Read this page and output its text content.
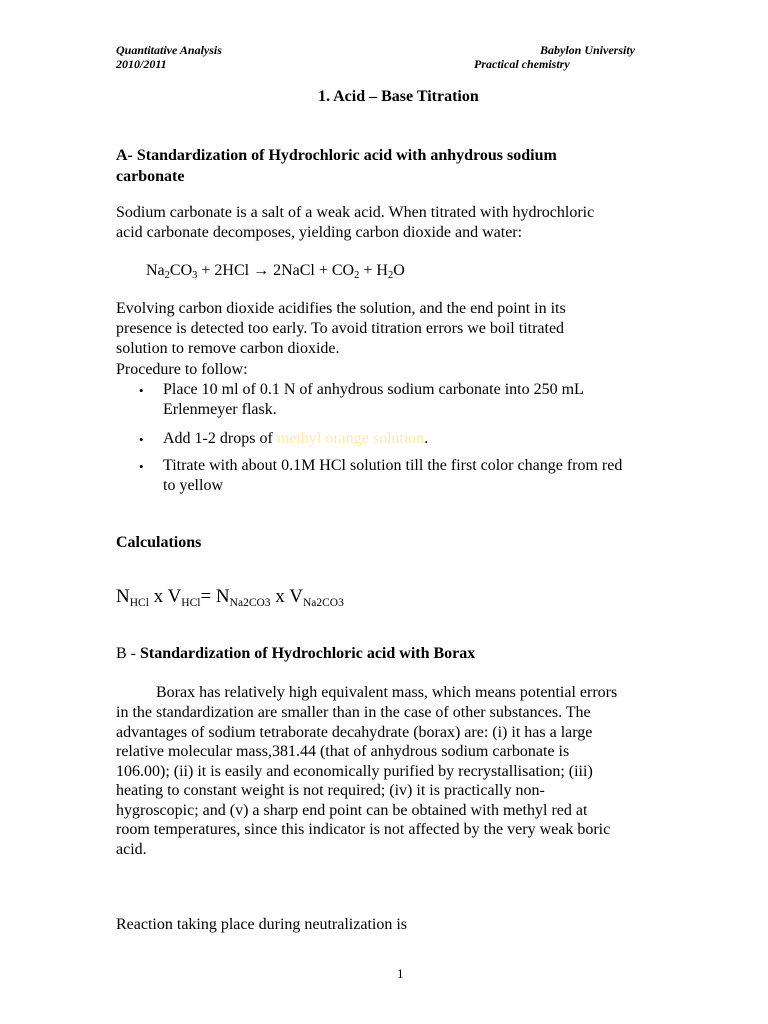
Quantitative Analysis
2010/2011
Babylon University
Practical chemistry
1. Acid – Base Titration
A- Standardization of Hydrochloric acid with anhydrous sodium
carbonate
Sodium carbonate is a salt of a weak acid. When titrated with hydrochloric
acid carbonate decomposes, yielding carbon dioxide and water:
$Na_2CO_3 + 2HCl$ → 2NaCl + $CO_2 + H_2O$
Evolving carbon dioxide acidifies the solution, and the end point in its
presence is detected too early. To avoid titration errors we boil titrated
solution to remove carbon dioxide.
Procedure to follow:
• Place 10 ml of 0.1 N of anhydrous sodium carbonate into 250 mL
Erlenmeyer flask.
• Add 1-2 drops of methyl orange solution.
• Titrate with about 0.1M HCl solution till the first color change from red
to yellow
Calculations
$N_{HCl}$ x $V_{HCl}= N_{Na2CO3}$ x $V_{Na2CO3}$
B - Standardization of Hydrochloric acid with Borax
Borax has relatively high equivalent mass, which means potential errors
in the standardization are smaller than in the case of other substances. The
advantages of sodium tetraborate decahydrate (borax) are: (i) it has a large
relative molecular mass,381.44 (that of anhydrous sodium carbonate is
106.00); (ii) it is easily and economically purified by recrystallisation; (iii)
heating to constant weight is not required; (iv) it is practically non-
hygroscopic; and (v) a sharp end point can be obtained with methyl red at
room temperatures, since this indicator is not affected by the very weak boric
acid.
Reaction taking place during neutralization is
1
